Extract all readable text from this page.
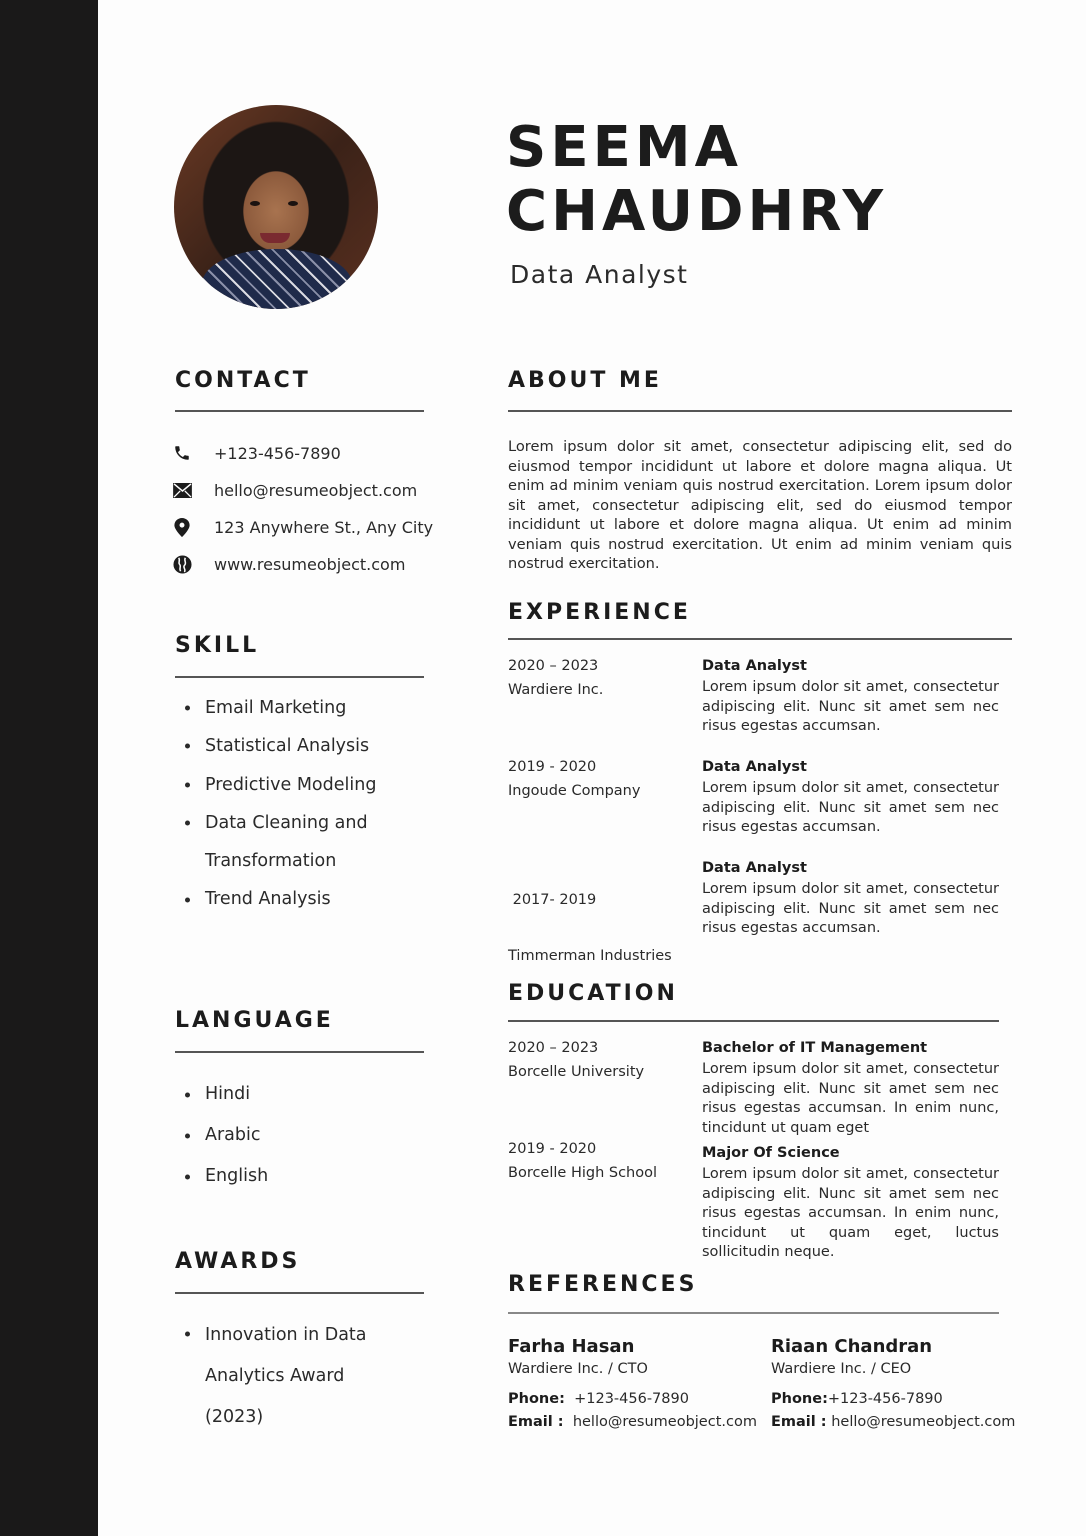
SEEMA
CHAUDHRY
Data Analyst
CONTACT
+123-456-7890
hello@resumeobject.com
123 Anywhere St., Any City
www.resumeobject.com
SKILL
Email Marketing
Statistical Analysis
Predictive Modeling
Data Cleaning and Transformation
Trend Analysis
LANGUAGE
Hindi
Arabic
English
AWARDS
Innovation in Data Analytics Award (2023)
ABOUT ME

Lorem ipsum dolor sit amet, consectetur adipiscing elit, sed do eiusmod tempor incididunt ut labore et dolore magna aliqua. Ut enim ad minim veniam quis nostrud exercitation. Lorem ipsum dolor sit amet, consectetur adipiscing elit, sed do eiusmod tempor incididunt ut labore et dolore magna aliqua. Ut enim ad minim veniam quis nostrud exercitation. Ut enim ad minim veniam quis nostrud exercitation.

EXPERIENCE
2020 – 2023
Wardiere Inc.
Data Analyst
Lorem ipsum dolor sit amet, consectetur adipiscing elit. Nunc sit amet sem nec risus egestas accumsan.
2019 - 2020
Ingoude Company
Data Analyst
Lorem ipsum dolor sit amet, consectetur adipiscing elit. Nunc sit amet sem nec risus egestas accumsan.

2017- 2019

Timmerman Industries

Data Analyst
Lorem ipsum dolor sit amet, consectetur adipiscing elit. Nunc sit amet sem nec risus egestas accumsan.
EDUCATION
2020 – 2023
Borcelle University
Bachelor of IT Management
Lorem ipsum dolor sit amet, consectetur adipiscing elit. Nunc sit amet sem nec risus egestas accumsan. In enim nunc, tincidunt ut quam eget
2019 - 2020
Borcelle High School
Major Of Science
Lorem ipsum dolor sit amet, consectetur adipiscing elit. Nunc sit amet sem nec risus egestas accumsan. In enim nunc, tincidunt ut quam eget, luctus sollicitudin neque.
REFERENCES
Farha Hasan
Wardiere Inc. / CTO
Phone: +123-456-7890
Email : hello@resumeobject.com
Riaan Chandran
Wardiere Inc. / CEO
Phone:+123-456-7890
Email : hello@resumeobject.com
